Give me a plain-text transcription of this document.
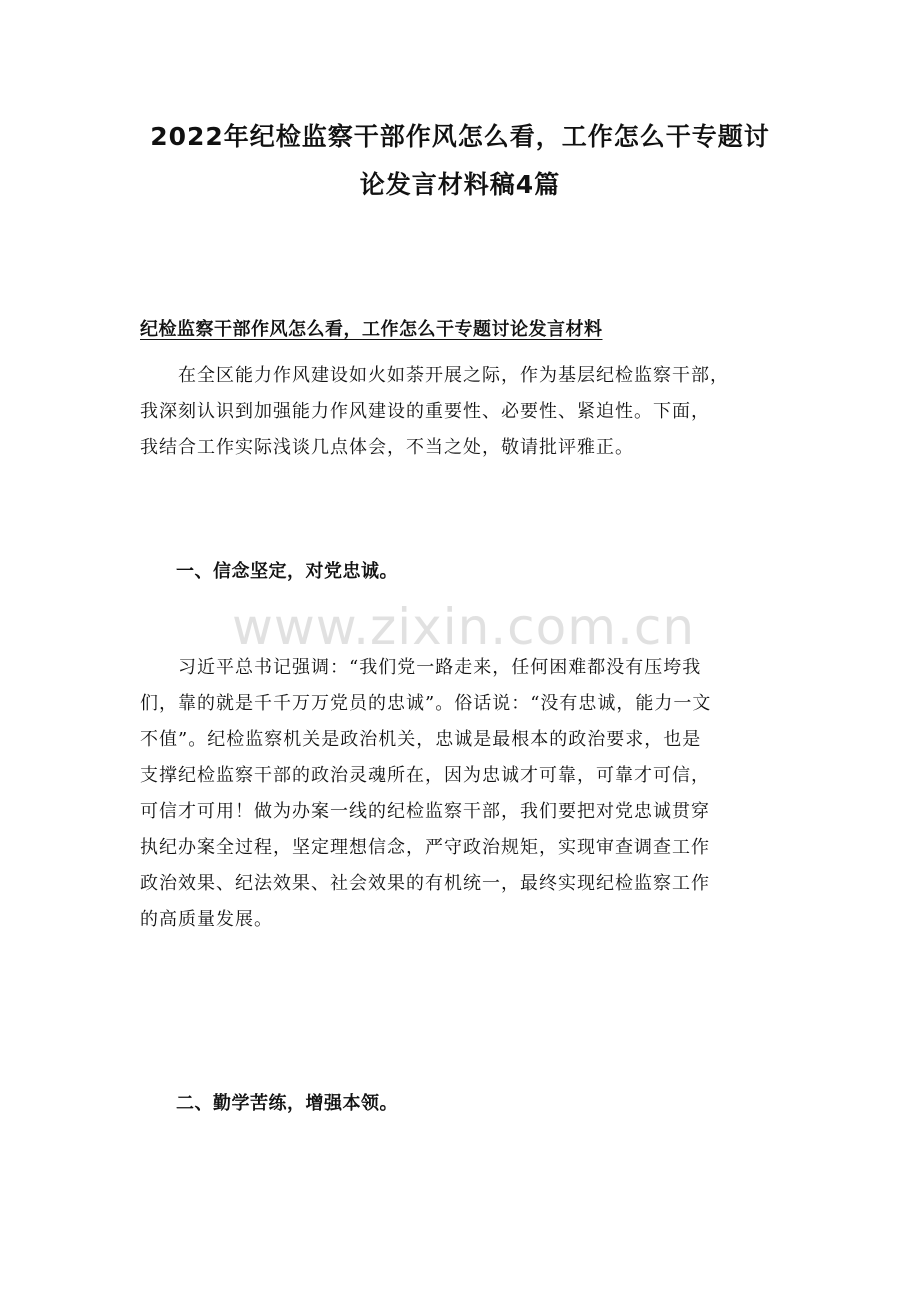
2022年纪检监察干部作风怎么看，工作怎么干专题讨
论发言材料稿4篇
纪检监察干部作风怎么看，工作怎么干专题讨论发言材料

　　在全区能力作风建设如火如荼开展之际，作为基层纪检监察干部，

我深刻认识到加强能力作风建设的重要性、必要性、紧迫性。下面，

我结合工作实际浅谈几点体会，不当之处，敬请批评雅正。

一、信念坚定，对党忠诚。
www.zixin.com.cn

　　习近平总书记强调：“我们党一路走来，任何困难都没有压垮我

们，靠的就是千千万万党员的忠诚”。俗话说：“没有忠诚，能力一文

不值”。纪检监察机关是政治机关，忠诚是最根本的政治要求，也是

支撑纪检监察干部的政治灵魂所在，因为忠诚才可靠，可靠才可信，

可信才可用！做为办案一线的纪检监察干部，我们要把对党忠诚贯穿

执纪办案全过程，坚定理想信念，严守政治规矩，实现审查调查工作

政治效果、纪法效果、社会效果的有机统一，最终实现纪检监察工作

的高质量发展。

二、勤学苦练，增强本领。
